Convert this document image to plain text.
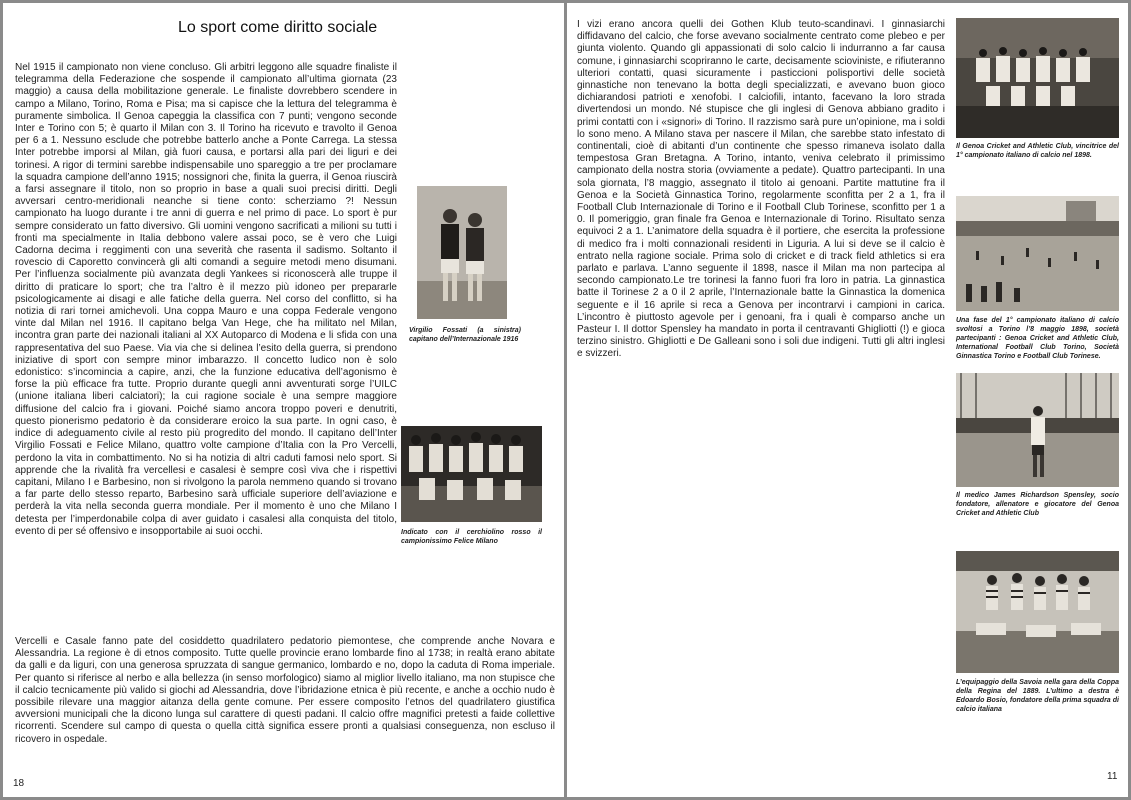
Lo sport come diritto sociale

Nel 1915 il campionato non viene concluso. Gli arbitri leggono alle squadre finaliste il telegramma della Federazione che sospende il campionato all’ultima giornata (23 maggio) a causa della mobilitazione generale. Le finaliste dovrebbero scendere in campo a Milano, Torino, Roma e Pisa; ma si capisce che la lettura del telegramma è puramente simbolica. Il Genoa capeggia la classifica con 7 punti; vengono seconde Inter e Torino con 5; è quarto il Milan con 3. Il Torino ha ricevuto e travolto il Genoa per 6 a 1. Nessuno esclude che potrebbe batterlo anche a Ponte Carrega. La stessa Inter potrebbe imporsi al Milan, già fuori causa, e portarsi alla pari dei liguri e dei torinesi. A rigor di termini sarebbe indispensabile uno spareggio a tre per proclamare la squadra campione dell’anno 1915; nossignori che, finita la guerra, il Genoa riuscirà a farsi assegnare il titolo, non so proprio in base a quali suoi precisi diritti. Degli avversari centro-meridionali neanche si tiene conto: scherziamo ?! Nessun campionato ha luogo durante i tre anni di guerra e nel primo di pace. Lo sport è pur sempre considerato un fatto diversivo. Gli uomini vengono sacrificati a milioni su tutti i fronti ma specialmente in Italia debbono valere assai poco, se è vero che Luigi Cadorna decima i reggimenti con una severità che rasenta il sadismo. Soltanto il rovescio di Caporetto convincerà gli alti comandi a seguire metodi meno disumani. Per l’influenza socialmente più avanzata degli Yankees si riconoscerà alle truppe il diritto di praticare lo sport; che tra l’altro è il mezzo più idoneo per prepararle psicologicamente ai disagi e alle fatiche della guerra. Nel corso del conflitto, si ha notizia di rari tornei amichevoli. Una coppa Mauro e una coppa Federale vengono vinte dal Milan nel 1916. Il capitano belga Van Hege, che ha militato nel Milan, incontra gran parte dei nazionali italiani al XX Autoparco di Modena e li sfida con una rappresentativa del suo Paese. Via via che si delinea l’esito della guerra, si prendono iniziative di sport con sempre minor imbarazzo. Il concetto ludico non è solo edonistico: s’incomincia a capire, anzi, che la funzione educativa dell’agonismo è forse la più efficace fra tutte. Proprio durante quegli anni avventurati sorge l’UILC (unione italiana liberi calciatori); la cui ragione sociale è una sempre maggiore diffusione del calcio fra i giovani. Poiché siamo ancora troppo poveri e denutriti, questo pionerismo pedatorio è da considerare eroico la sua parte. In ogni caso, è indice di adeguamento civile al resto più progredito del mondo. Il capitano dell’Inter Virgilio Fossati e Felice Milano, quattro volte campione d’Italia con la Pro Vercelli, perdono la vita in combattimento. No si ha notizia di altri caduti famosi nelo sport. Si apprende che la rivalità fra vercellesi e casalesi è sempre così viva che i rispettivi capitani, Milano I e Barbesino, non si rivolgono la parola nemmeno quando si trovano a far parte dello stesso reparto, Barbesino sarà ufficiale superiore dell’aviazione e perderà la vita nella seconda guerra mondiale. Per il momento è uno che Milano I detesta per l’imperdonabile colpa di aver guidato i casalesi alla conquista del titolo, evento di per sé offensivo e insopportabile ai suoi occhi.

Virgilio Fossati (a sinistra) capitano dell’Internazionale 1916
Indicato con il cerchiolino rosso il campionissimo Felice Milano

Vercelli e Casale fanno pate del cosiddetto quadrilatero pedatorio piemontese, che comprende anche Novara e Alessandria. La regione è di etnos composito. Tutte quelle provincie erano lombarde fino al 1738; in realtà erano abitate da galli e da liguri, con una generosa spruzzata di sangue germanico, lombardo e no, dopo la caduta di Roma imperiale. Per quanto si riferisce al nerbo e alla bellezza (in senso morfologico) siamo al miglior livello italiano, ma non stupisce che il calcio tecnicamente più valido si giochi ad Alessandria, dove l’ibridazione etnica è più recente, e anche a occhio nudo è possibile rilevare una maggior aitanza della gente comune. Per essere composito l’etnos del quadrilatero giustifica avversioni municipali che la dicono lunga sul carattere di questi padani. Il calcio offre magnifici pretesti a faide collettive ricorrenti. Scendere sul campo di questa o quella città significa essere pronti a qualsiasi conseguenza, non escluso il ricovero in ospedale.

18

I vizi erano ancora quelli dei Gothen Klub teuto-scandinavi. I ginnasiarchi diffidavano del calcio, che forse avevano socialmente centrato come plebeo e per giunta violento. Quando gli appassionati di solo calcio li indurranno a far causa comune, i ginnasiarchi scopriranno le carte, decisamente scioviniste, e rifiuteranno ulteriori contatti, quasi sicuramente i pasticcioni polisportivi delle società ginnastiche non tenevano la botta degli specializzati, e avevano buon gioco dichiarandosi patrioti e xenofobi. I calciofili, intanto, facevano la loro strada divertendosi un mondo. Né stupisce che gli inglesi di Genova abbiano gradito i primi contatti con i «signori» di Torino. Il razzismo sarà pure un’opinione, ma i soldi lo sono meno. A Milano stava per nascere il Milan, che sarebbe stato infestato di continentali, cioè di abitanti d’un continente che spesso rimaneva isolato dalla tempestosa Gran Bretagna. A Torino, intanto, veniva celebrato il primissimo campionato della nostra storia (ovviamente a pedate). Quattro partecipanti. In una sola giornata, l’8 maggio, assegnato il titolo ai genoani. Partite mattutine fra il Genoa e la Società Ginnastica Torino, regolarmente sconfitta per 2 a 1, fra il Football Club Internazionale di Torino e il Football Club Torinese, sconfitto per 1 a 0. Il pomeriggio, gran finale fra Genoa e Internazionale di Torino. Risultato senza equivoci 2 a 1. L’animatore della squadra è il portiere, che esercita la professione di medico fra i molti connazionali residenti in Liguria. A lui si deve se il calcio è entrato nella ragione sociale. Prima solo di cricket e di track field athletics si era parlato e parlava. L’anno seguente il 1898, nasce il Milan ma non partecipa al secondo campionato.Le tre torinesi la fanno fuori fra loro in patria. La ginnastica batte il Torinese 2 a 0 il 2 aprile, l’Internazionale batte la Ginnastica la domenica seguente e il 16 aprile si reca a Genova per incontrarvi i campioni in carica. L’incontro è piuttosto agevole per i genoani, fra i quali è comparso anche un Pasteur I. Il dottor Spensley ha mandato in porta il centravanti Ghigliotti (!) e gioca terzino sinistro. Ghigliotti e De Galleani sono i soli due indigeni. Tutti gli altri inglesi e svizzeri.

Il Genoa Cricket and Athletic Club, vincitrice del 1° campionato italiano di calcio nel 1898.
Una fase del 1° campionato italiano di calcio svoltosi a Torino l’8 maggio 1898, società partecipanti : Genoa Cricket and Athletic Club, International Football Club Torino, Società Ginnastica Torino e Football Club Torinese.
Il medico James Richardson Spensley, socio fondatore, allenatore e giocatore del Genoa Cricket and Athletic Club
L’equipaggio della Savoia nella gara della Coppa della Regina del 1889. L’ultimo a destra è Edoardo Bosio, fondatore della prima squadra di calcio italiana
11
